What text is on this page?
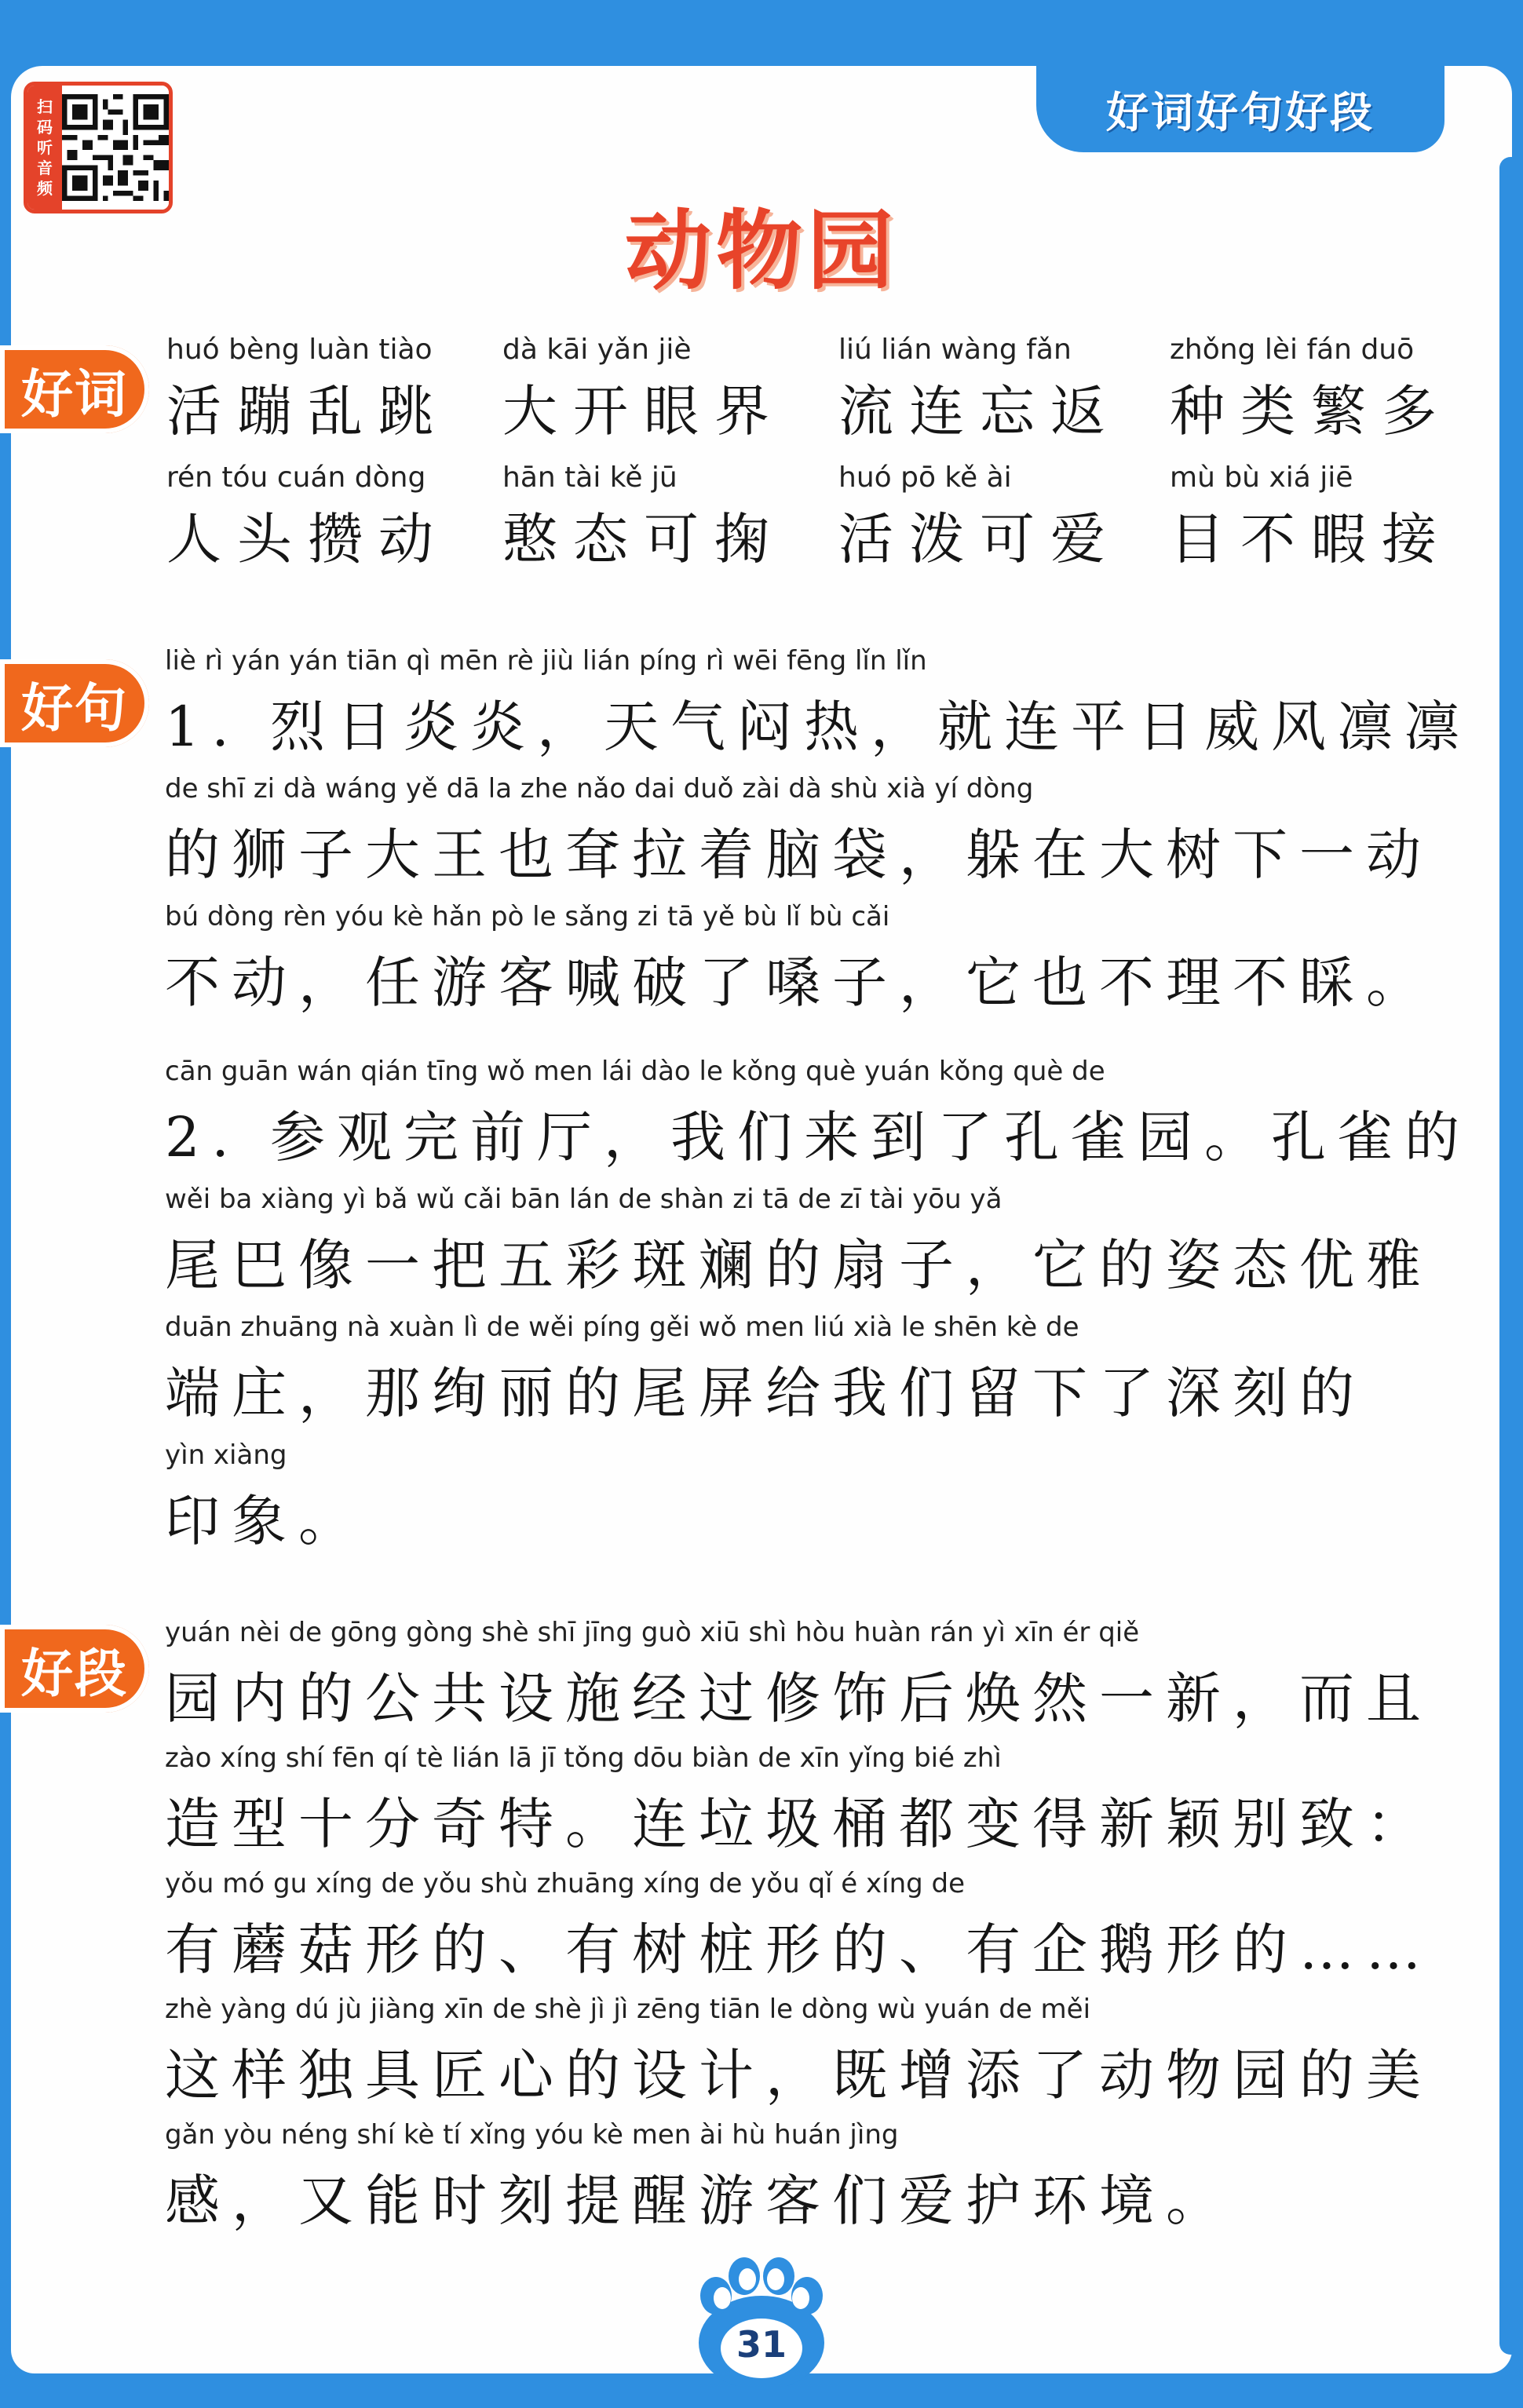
好词好句好段
扫
码
听
音
频
动物园
好词
huó bèng luàn tiào
活蹦乱跳
dà kāi yǎn jiè
大开眼界
liú lián wàng fǎn
流连忘返
zhǒng lèi fán duō
种类繁多
rén tóu cuán dòng
人头攒动
hān tài kě jū
憨态可掬
huó pō kě ài
活泼可爱
mù bù xiá jiē
目不暇接
好句
liè rì yán yán tiān qì mēn rè jiù lián píng rì wēi fēng lǐn lǐn
1. 烈日炎炎，天气闷热，就连平日威风凛凛
de shī zi dà wáng yě dā la zhe nǎo dai duǒ zài dà shù xià yí dòng
的狮子大王也耷拉着脑袋，躲在大树下一动
bú dòng rèn yóu kè hǎn pò le sǎng zi tā yě bù lǐ bù cǎi
不动，任游客喊破了嗓子，它也不理不睬。
cān guān wán qián tīng wǒ men lái dào le kǒng què yuán kǒng què de
2. 参观完前厅，我们来到了孔雀园。孔雀的
wěi ba xiàng yì bǎ wǔ cǎi bān lán de shàn zi tā de zī tài yōu yǎ
尾巴像一把五彩斑斓的扇子，它的姿态优雅
duān zhuāng nà xuàn lì de wěi píng gěi wǒ men liú xià le shēn kè de
端庄，那绚丽的尾屏给我们留下了深刻的
yìn xiàng
印象。
好段
yuán nèi de gōng gòng shè shī jīng guò xiū shì hòu huàn rán yì xīn ér qiě
园内的公共设施经过修饰后焕然一新，而且
zào xíng shí fēn qí tè lián lā jī tǒng dōu biàn de xīn yǐng bié zhì
造型十分奇特。连垃圾桶都变得新颖别致：
yǒu mó gu xíng de yǒu shù zhuāng xíng de yǒu qǐ é xíng de
有蘑菇形的、有树桩形的、有企鹅形的……
zhè yàng dú jù jiàng xīn de shè jì jì zēng tiān le dòng wù yuán de měi
这样独具匠心的设计，既增添了动物园的美
gǎn yòu néng shí kè tí xǐng yóu kè men ài hù huán jìng
感，又能时刻提醒游客们爱护环境。
31
